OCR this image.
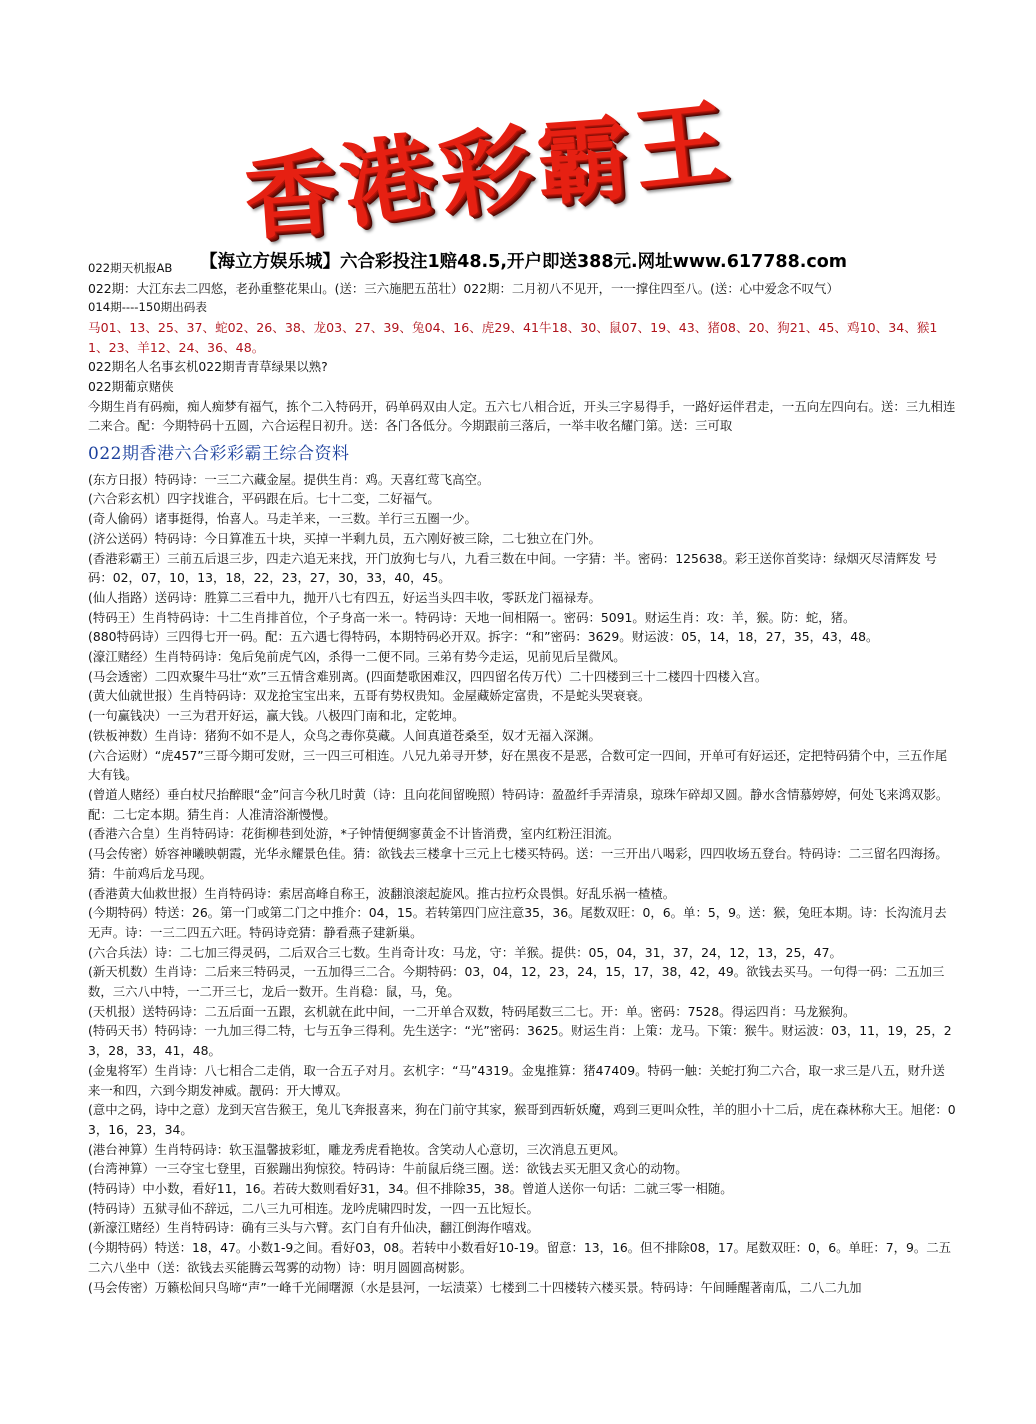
香
港
彩
霸
王
【海立方娱乐城】六合彩投注1赔48.5,开户即送388元.网址www.617788.com
022期天机报AB
022期：大江东去二四悠，老孙重整花果山。(送：三六施肥五茁壮）022期：二月初八不见开，一一撑住四至八。(送：心中爱念不叹气）
014期----150期出码表
马01、13、25、37、蛇02、26、38、龙03、27、39、兔04、16、虎29、41牛18、30、鼠07、19、43、猪08、20、狗21、45、鸡10、34、猴11、23、羊12、24、36、48。
022期名人名事玄机022期青青草绿果以熟?
022期葡京赌侠
今期生肖有码痴，痴人痴梦有福气，拣个二入特码开，码单码双由人定。五六七八相合近，开头三字易得手，一路好运伴君走，一五向左四向右。送：三九相连二来合。配：今期特码十五圆，六合运程日初升。送：各门各低分。今期跟前三落后，一举丰收名耀门第。送：三可取
022期香港六合彩彩霸王综合资料
(东方日报）特码诗：一三二六藏金屋。提供生肖：鸡。天喜红莺飞高空。
(六合彩玄机）四字找谁合，平码跟在后。七十二变，二好福气。
(奇人偷码）诸事挺得，怡喜人。马走羊来，一三数。羊行三五圈一少。
(济公送码）特码诗：今日算准五十块，买掉一半剩九员，五六刚好被三除，二七独立在门外。
(香港彩霸王）三前五后退三步，四走六追无来找，开门放狗七与八，九看三数在中间。一字猜：半。密码：125638。彩王送你首奖诗：绿烟灭尽清辉发 号码：02，07，10，13，18，22，23，27，30，33，40，45。
(仙人指路）送码诗：胜算二三看中九，抛开八七有四五，好运当头四丰收，零跃龙门福禄寿。
(特码王）生肖特码诗：十二生肖排首位，个子身高一米一。特码诗：天地一间相隔一。密码：5091。财运生肖：攻：羊，猴。防：蛇，猪。
(880特码诗）三四得七开一码。配：五六遇七得特码，本期特码必开双。拆字：“和”密码：3629。财运波：05，14，18，27，35，43，48。
(濠江赌经）生肖特码诗：兔后兔前虎气凶，杀得一二便不同。三弟有势今走运，见前见后呈微风。
(马会透密）二四欢聚牛马壮“欢”三五情含难别离。(四面楚歌困难汉，四四留名传万代）二十四楼到三十二楼四十四楼入宫。
(黄大仙就世报）生肖特码诗：双龙抢宝宝出来，五哥有势权贵知。金屋藏娇定富贵，不是蛇头哭衰衰。
(一句赢钱决）一三为君开好运，赢大钱。八极四门南和北，定乾坤。
(铁板神数）生肖诗：猪狗不如不是人，众鸟之毒你莫藏。人间真道苍桑至，奴才无福入深渊。
(六合运财）“虎457”三哥今期可发财，三一四三可相连。八兄九弟寻开梦，好在黑夜不是恶，合数可定一四间，开单可有好运还，定把特码猜个中，三五作尾大有钱。
(曾道人赌经）垂白杖尺抬醉眼“金”问言今秋几时黄（诗：且向花间留晚照）特码诗：盈盈纤手弄清泉，琼珠乍碎却又圆。静水含情慕婷婷，何处飞来鸿双影。配：二七定本期。猜生肖：人准清浴渐慢慢。
(香港六合皇）生肖特码诗：花街柳巷到处游，*子钟情便绸寥黄金不计皆消费，室内红粉汪泪流。
(马会传密）娇容神曦映朝霞，光华永耀景色佳。猜：欲钱去三楼拿十三元上七楼买特码。送：一三开出八喝彩，四四收场五登台。特码诗：二三留名四海扬。猜：牛前鸡后龙马现。
(香港黄大仙救世报）生肖特码诗：索居高峰自称王，波翻浪滚起旋风。推古拉朽众畏惧。好乱乐祸一楂楂。
(今期特码）特送：26。第一门或第二门之中推介：04，15。若转第四门应注意35，36。尾数双旺：0，6。单：5，9。送：猴，兔旺本期。诗：长沟流月去无声。诗：一三二四五六旺。特码诗竞猜：静看燕子建新巢。
(六合兵法）诗：二七加三得灵码，二后双合三七数。生肖奇计攻：马龙，守：羊猴。提供：05，04，31，37，24，12，13，25，47。
(新天机数）生肖诗：二后来三特码灵，一五加得三二合。今期特码：03，04，12，23，24，15，17，38，42，49。欲钱去买马。一句得一码：二五加三数，三六八中特，一二开三七，龙后一数开。生肖稳：鼠，马，兔。
(天机报）送特码诗：二五后面一五跟，玄机就在此中间，一二开单合双数，特码尾数三二七。开：单。密码：7528。得运四肖：马龙猴狗。
(特码天书）特码诗：一九加三得二特，七与五争三得利。先生送字：“光”密码：3625。财运生肖：上策：龙马。下策：猴牛。财运波：03，11，19，25，23，28，33，41，48。
(金鬼将军）生肖诗：八七相合二走俏，取一合五子对月。玄机字：“马”4319。金鬼推算：猪47409。特码一触：关蛇打狗二六合，取一求三是八五，财升送来一和四，六到今期发神威。靓码：开大博双。
(意中之码，诗中之意）龙到天宫告猴王，兔儿飞奔报喜来，狗在门前守其家，猴哥到西斩妖魔，鸡到三更叫众牲，羊的胆小十二后，虎在森林称大王。旭佬：03，16，23，34。
(港台神算）生肖特码诗：软玉温馨披彩虹，雕龙秀虎看艳妆。含笑动人心意切，三次消息五更风。
(台湾神算）一三夺宝七登里，百猴蹦出狗惊狡。特码诗：牛前鼠后绕三圈。送：欲钱去买无胆又贪心的动物。
(特码诗）中小数，看好11，16。若砖大数则看好31，34。但不排除35，38。曾道人送你一句话：二就三零一相随。
(特码诗）五狱寻仙不辞远，二八三九可相连。龙吟虎啸四时发，一四一五比短长。
(新濠江赌经）生肖特码诗：确有三头与六臂。玄门自有升仙决，翻江倒海作嘻戏。
(今期特码）特送：18，47。小数1-9之间。看好03，08。若转中小数看好10-19。留意：13，16。但不排除08，17。尾数双旺：0，6。单旺：7，9。二五二六八坐中（送：欲钱去买能腾云驾雾的动物）诗：明月圆圆高树影。
(马会传密）万籁松间只鸟啼“声”一峰千光闹曙源（水是县河，一坛渍菜）七楼到二十四楼转六楼买景。特码诗：午间睡醒著南瓜，二八二九加
